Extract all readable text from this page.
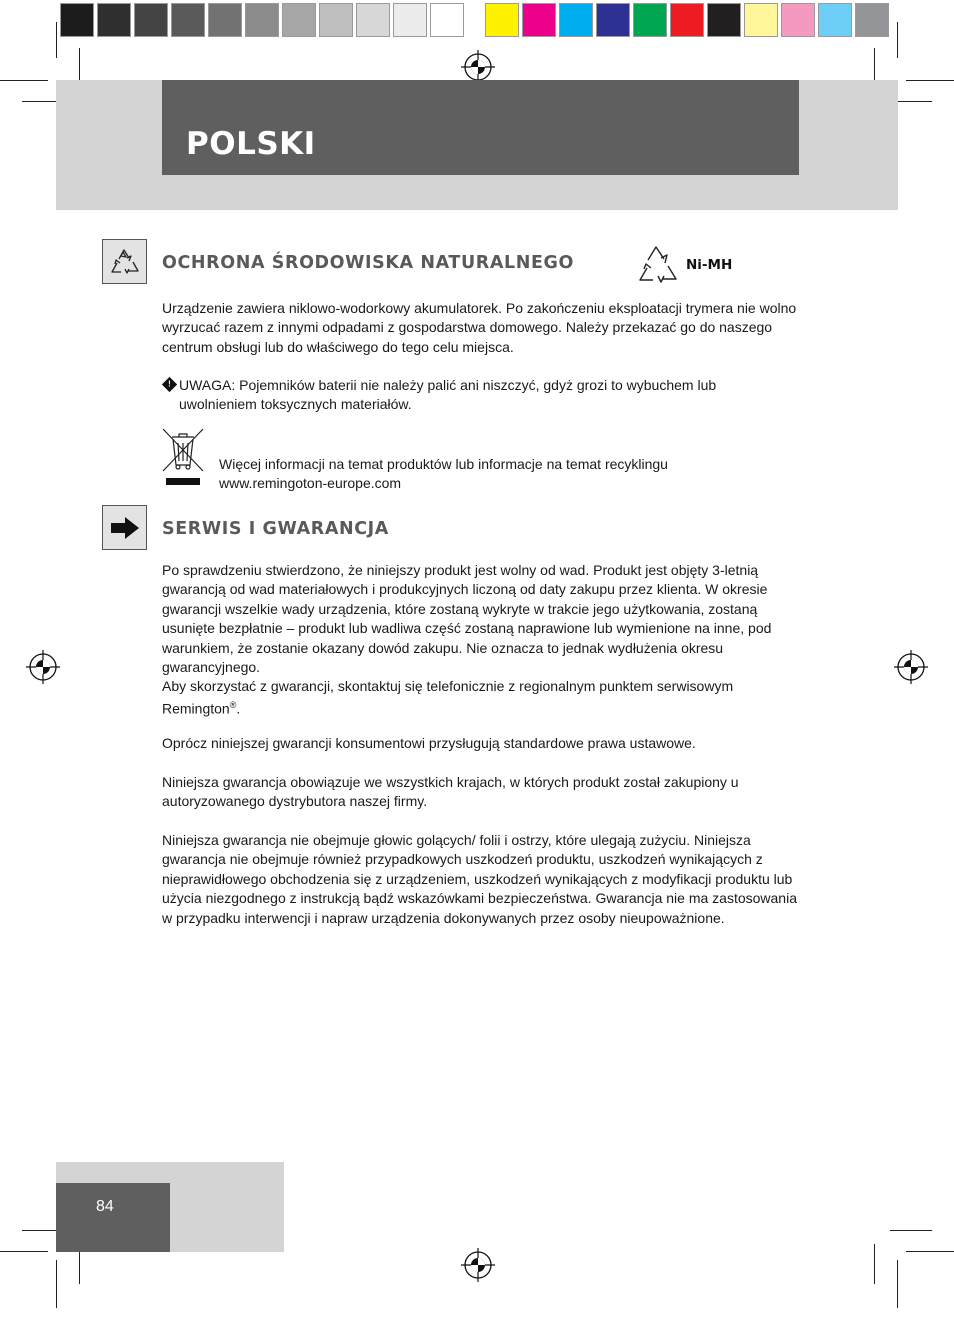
POLSKI
OCHRONA ŚRODOWISKA NATURALNEGO	Ni-MH

Urządzenie zawiera niklowo-wodorkowy akumulatorek. Po zakończeniu eksploatacji trymera nie wolno wyrzucać razem z innymi odpadami z gospodarstwa domowego. Należy przekazać go do naszego centrum obsługi lub do właściwego do tego celu miejsca.

! UWAGA: Pojemników baterii nie należy palić ani niszczyć, gdyż grozi to wybuchem lub
uwolnieniem toksycznych materiałów.
Więcej informacji na temat produktów lub informacje na temat recyklingu
www.remingoton-europe.com
SERWIS I GWARANCJA

Po sprawdzeniu stwierdzono, że niniejszy produkt jest wolny od wad. Produkt jest objęty 3-letnią gwarancją od wad materiałowych i produkcyjnych liczoną od daty zakupu przez klienta. W okresie gwarancji wszelkie wady urządzenia, które zostaną wykryte w trakcie jego użytkowania, zostaną usunięte bezpłatnie – produkt lub wadliwa część zostaną naprawione lub wymienione na inne, pod warunkiem, że zostanie okazany dowód zakupu. Nie oznacza to jednak wydłużenia okresu gwarancyjnego.

Aby skorzystać z gwarancji, skontaktuj się telefonicznie z regionalnym punktem serwisowym Remington®.

Oprócz niniejszej gwarancji konsumentowi przysługują standardowe prawa ustawowe.

Niniejsza gwarancja obowiązuje we wszystkich krajach, w których produkt został zakupiony u autoryzowanego dystrybutora naszej firmy.

Niniejsza gwarancja nie obejmuje głowic golących/ folii i ostrzy, które ulegają zużyciu. Niniejsza gwarancja nie obejmuje również przypadkowych uszkodzeń produktu, uszkodzeń wynikających z nieprawidłowego obchodzenia się z urządzeniem, uszkodzeń wynikających z modyfikacji produktu lub użycia niezgodnego z instrukcją bądź wskazówkami bezpieczeństwa. Gwarancja nie ma zastosowania w przypadku interwencji i napraw urządzenia dokonywanych przez osoby nieupoważnione.

84
